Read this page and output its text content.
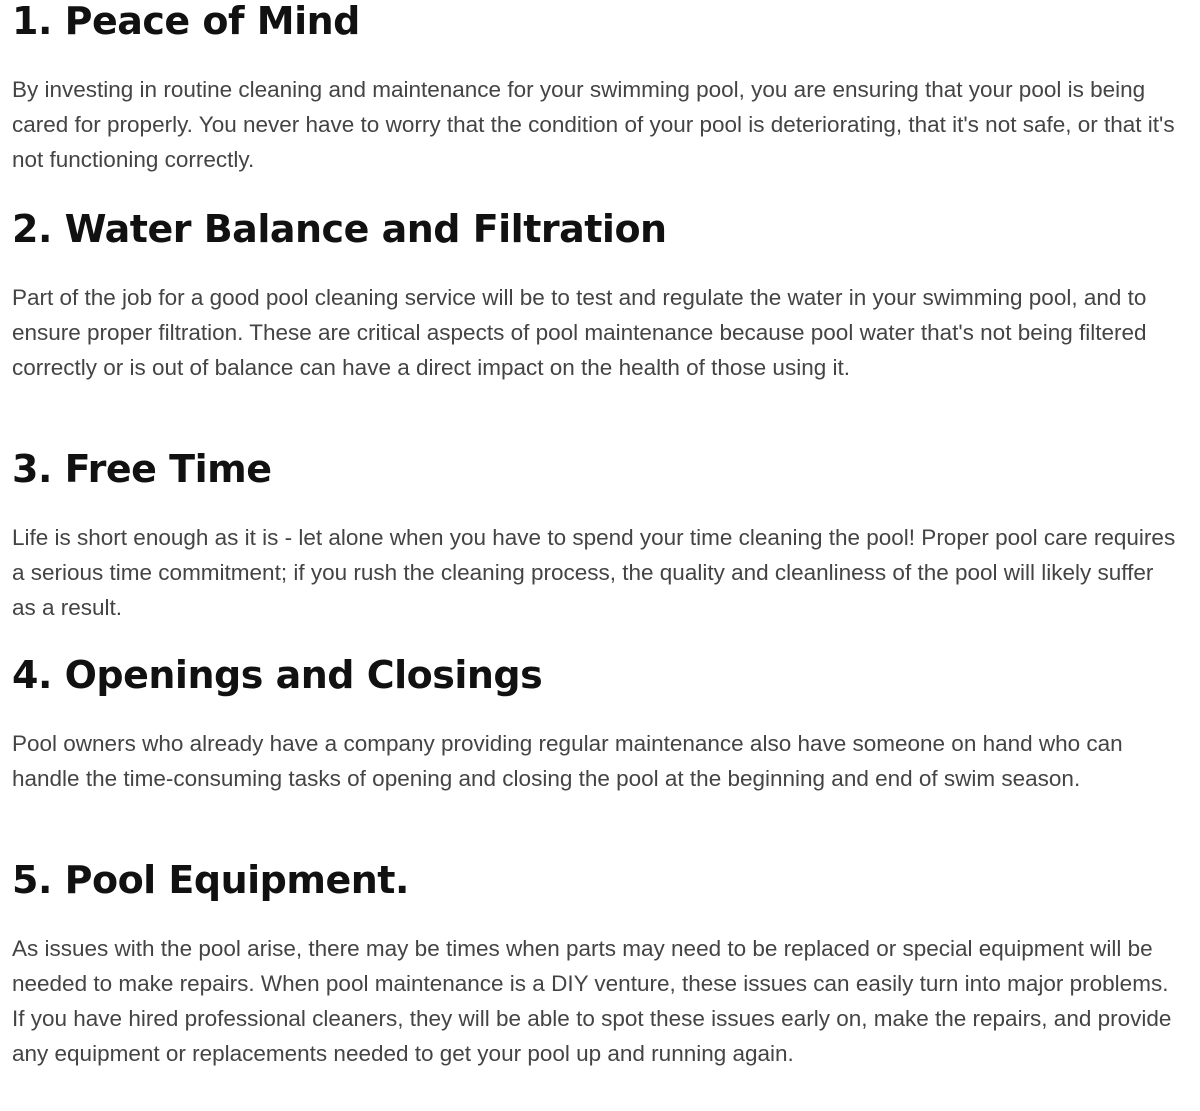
1. Peace of Mind

By investing in routine cleaning and maintenance for your swimming pool, you are ensuring that your pool is being cared for properly. You never have to worry that the condition of your pool is deteriorating, that it's not safe, or that it's not functioning correctly.

2. Water Balance and Filtration

Part of the job for a good pool cleaning service will be to test and regulate the water in your swimming pool, and to ensure proper filtration. These are critical aspects of pool maintenance because pool water that's not being filtered correctly or is out of balance can have a direct impact on the health of those using it.

3. Free Time

Life is short enough as it is - let alone when you have to spend your time cleaning the pool! Proper pool care requires a serious time commitment; if you rush the cleaning process, the quality and cleanliness of the pool will likely suffer as a result.

4. Openings and Closings

Pool owners who already have a company providing regular maintenance also have someone on hand who can handle the time-consuming tasks of opening and closing the pool at the beginning and end of swim season.

5. Pool Equipment.

As issues with the pool arise, there may be times when parts may need to be replaced or special equipment will be needed to make repairs. When pool maintenance is a DIY venture, these issues can easily turn into major problems. If you have hired professional cleaners, they will be able to spot these issues early on, make the repairs, and provide any equipment or replacements needed to get your pool up and running again.
